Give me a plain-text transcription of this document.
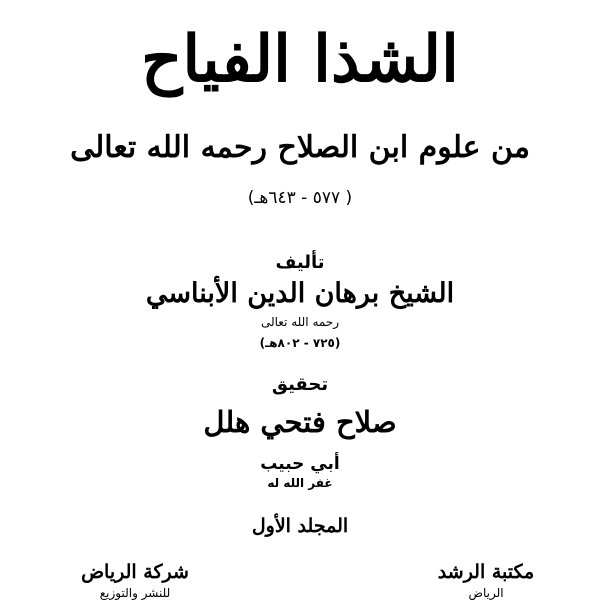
الشذا الفياح
من علوم ابن الصلاح رحمه الله تعالى
( ٥٧٧ - ٦٤٣هـ)
تأليف
الشيخ برهان الدين الأبناسي
رحمه الله تعالى
(٧٢٥ - ٨٠٢هـ)
تحقيق
صلاح فتحي هلل
أبي حبيب
غفر الله له
المجلد الأول
مكتبة الرشد
الرياض
شركة الرياض
للنشر والتوزيع
